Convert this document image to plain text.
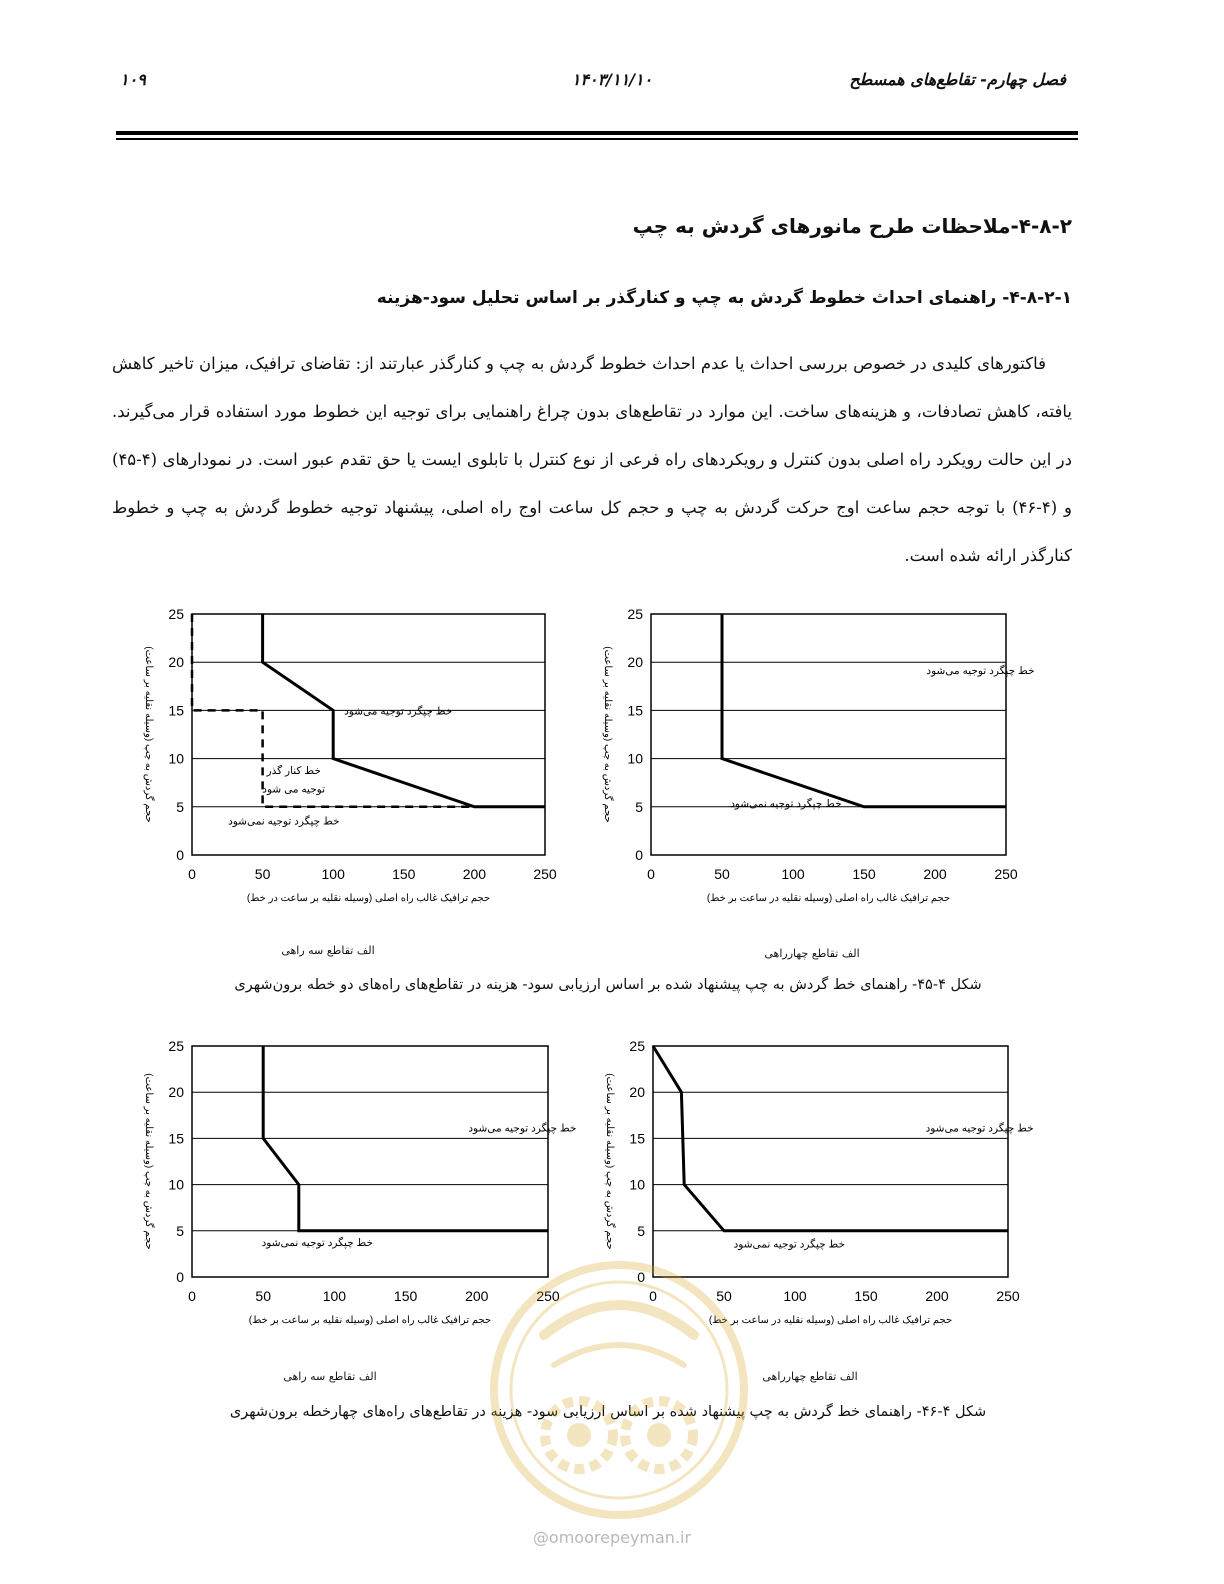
فصل چهارم- تقاطع‌های همسطح
۱۴۰۳/۱۱/۱۰
۱۰۹
۴-۸-۲-ملاحظات طرح مانورهای گردش به چپ
۴-۸-۲-۱- راهنمای احداث خطوط گردش به چپ و کنارگذر بر اساس تحلیل سود-هزینه
فاکتورهای کلیدی در خصوص بررسی احداث یا عدم احداث خطوط گردش به چپ و کنارگذر عبارتند از: تقاضای ترافیک، میزان تاخیر کاهش یافته، کاهش تصادفات، و هزینه‌های ساخت. این موارد در تقاطع‌های بدون چراغ راهنمایی برای توجیه این خطوط مورد استفاده قرار می‌گیرند. در این حالت رویکرد راه اصلی بدون کنترل و رویکردهای راه فرعی از نوع کنترل با تابلوی ایست یا حق تقدم عبور است. در نمودارهای (۴-۴۵) و (۴-۴۶) با توجه حجم ساعت اوج حرکت گردش به چپ و حجم کل ساعت اوج راه اصلی، پیشنهاد توجیه خطوط گردش به چپ و خطوط کنارگذر ارائه شده است.
0
5
10
15
20
25
0	50	100	150	200	250
حجم ترافیک غالب راه اصلی (وسیله نقلیه بر ساعت در خط)
حجم گردش به چپ (وسیله نقلیه بر ساعت)	خط چپگرد توجیه می‌شود
خط کنار گذر
توجیه می شود
خط چپگرد توجیه نمی‌شود
0
5
10
15
20
25
0	50	100	150	200	250
حجم ترافیک غالب راه اصلی (وسیله نقلیه در ساعت بر خط)
حجم گردش به چپ (وسیله نقلیه بر ساعت)	خط چپگرد توجیه می‌شود
خط چپگرد توجیه نمی‌شود
0
5
10
15
20
25
0	50	100	150	200	250
حجم ترافیک غالب راه اصلی (وسیله نقلیه بر ساعت بر خط)
حجم گردش به چپ (وسیله نقلیه بر ساعت)	خط چپگرد توجیه می‌شود
خط چپگرد توجیه نمی‌شود
0
5
10
15
20
25
0	50	100	150	200	250
حجم ترافیک غالب راه اصلی (وسیله نقلیه در ساعت بر خط)
حجم گردش به چپ (وسیله نقلیه بر ساعت)	خط چپگرد توجیه می‌شود
خط چپگرد توجیه نمی‌شود
الف تقاطع سه راهی	الف تقاطع چهارراهی
شکل ۴-۴۵- راهنمای خط گردش به چپ پیشنهاد شده بر اساس ارزیابی سود- هزینه در تقاطع‌های راه‌های دو خطه برون‌شهری
الف تقاطع سه راهی	الف تقاطع چهارراهی
شکل ۴-۴۶- راهنمای خط گردش به چپ پیشنهاد شده بر اساس ارزیابی سود- هزینه در تقاطع‌های راه‌های چهارخطه برون‌شهری
@omoorepeyman.ir
